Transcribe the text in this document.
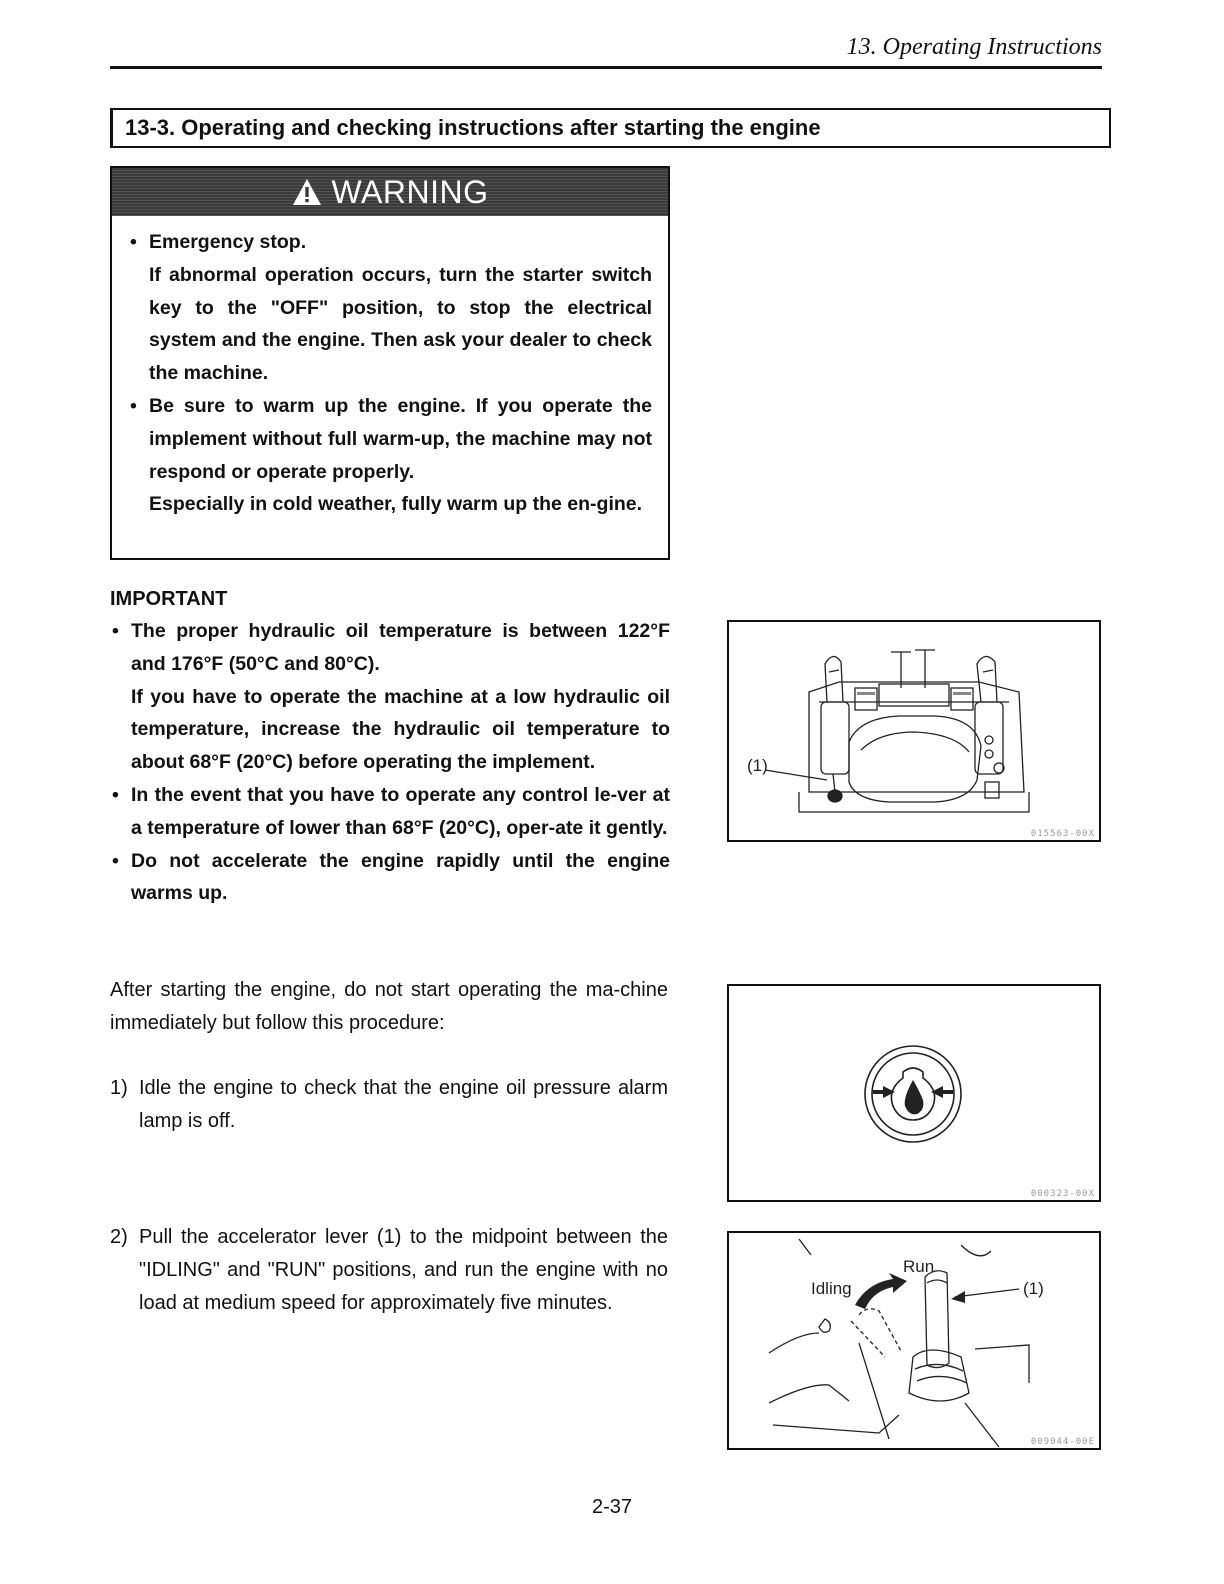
13. Operating Instructions
13-3. Operating and checking instructions after starting the engine
WARNING
• Emergency stop.

If abnormal operation occurs, turn the starter switch key to the "OFF" position, to stop the electrical system and the engine. Then ask your dealer to check the machine.

• Be sure to warm up the engine. If you operate the implement without full warm-up, the machine may not respond or operate properly.

Especially in cold weather, fully warm up the en-gine.

IMPORTANT
• The proper hydraulic oil temperature is between 122°F and 176°F (50°C and 80°C).

If you have to operate the machine at a low hydraulic oil temperature, increase the hydraulic oil temperature to about 68°F (20°C) before operating the implement.

• In the event that you have to operate any control le-ver at a temperature of lower than 68°F (20°C), oper-ate it gently.

• Do not accelerate the engine rapidly until the engine warms up.

After starting the engine, do not start operating the ma-chine immediately but follow this procedure:

1) Idle the engine to check that the engine oil pressure alarm lamp is off.

2) Pull the accelerator lever (1) to the midpoint between the "IDLING" and "RUN" positions, and run the engine with no load at medium speed for approximately five minutes.

(1)
015563-00X
000323-00X
Run
Idling	(1)
009044-00E
2-37
